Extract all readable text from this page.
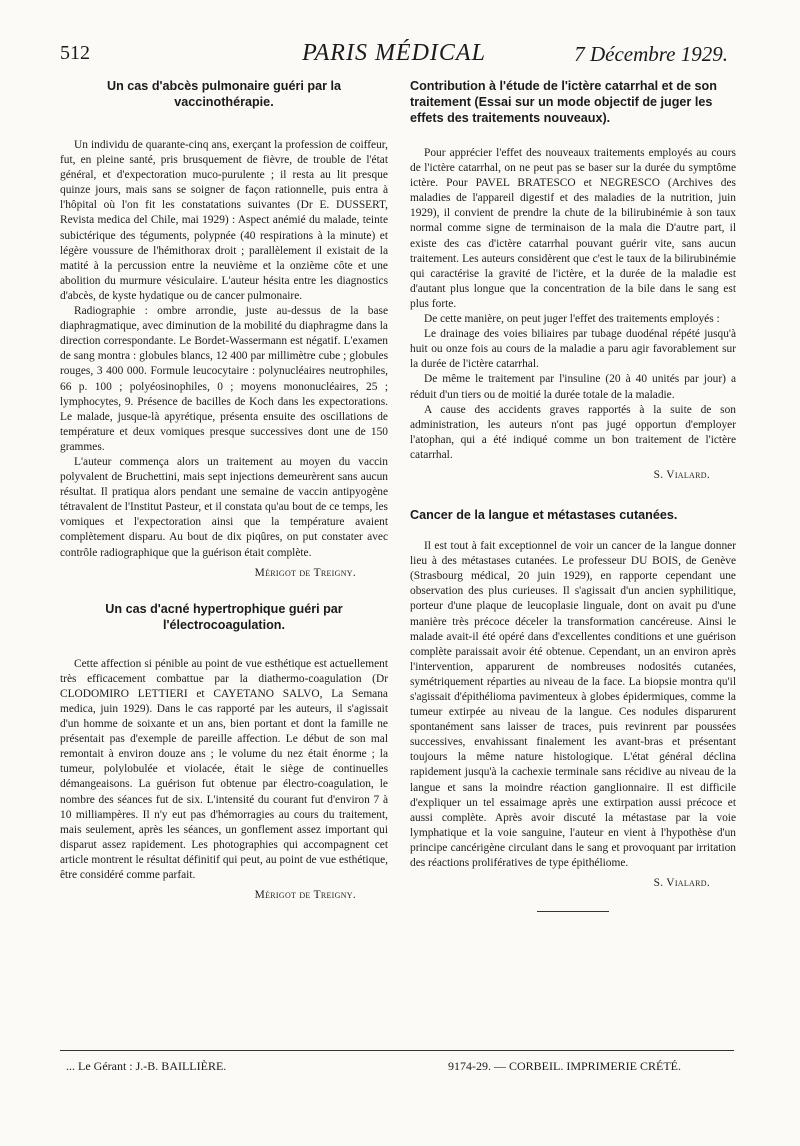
512	PARIS MÉDICAL	7 Décembre 1929.
Un cas d'abcès pulmonaire guéri par la vaccinothérapie.

Un individu de quarante-cinq ans, exerçant la profession de coiffeur, fut, en pleine santé, pris brusquement de fièvre, de trouble de l'état général, et d'expectoration muco-purulente ; il resta au lit presque quinze jours, mais sans se soigner de façon rationnelle, puis entra à l'hôpital où l'on fit les constatations suivantes (Dr E. DUSSERT, Revista medica del Chile, mai 1929) : Aspect anémié du malade, teinte subictérique des téguments, polypnée (40 respirations à la minute) et légère voussure de l'hémithorax droit ; parallèlement il existait de la matité à la percussion entre la neuvième et la onzième côte et une abolition du murmure vésiculaire. L'auteur hésita entre les diagnostics d'abcès, de kyste hydatique ou de cancer pulmonaire.

Radiographie : ombre arrondie, juste au-dessus de la base diaphragmatique, avec diminution de la mobilité du diaphragme dans la direction correspondante. Le Bordet-Wassermann est négatif. L'examen de sang montra : globules blancs, 12 400 par millimètre cube ; globules rouges, 3 400 000. Formule leucocytaire : polynucléaires neutrophiles, 66 p. 100 ; polyéosinophiles, 0 ; moyens mononucléaires, 25 ; lymphocytes, 9. Présence de bacilles de Koch dans les expectorations. Le malade, jusque-là apyrétique, présenta ensuite des oscillations de température et deux vomiques presque successives dont une de 150 grammes.

L'auteur commença alors un traitement au moyen du vaccin polyvalent de Bruchettini, mais sept injections demeurèrent sans aucun résultat. Il pratiqua alors pendant une semaine de vaccin antipyogène tétravalent de l'Institut Pasteur, et il constata qu'au bout de ce temps, les vomiques et l'expectoration ainsi que la température avaient complètement disparu. Au bout de dix piqûres, on put constater avec contrôle radiographique que la guérison était complète.

Mérigot de Treigny.

Un cas d'acné hypertrophique guéri par l'électrocoagulation.

Cette affection si pénible au point de vue esthétique est actuellement très efficacement combattue par la diathermo-coagulation (Dr CLODOMIRO LETTIERI et CAYETANO SALVO, La Semana medica, juin 1929). Dans le cas rapporté par les auteurs, il s'agissait d'un homme de soixante et un ans, bien portant et dont la famille ne présentait pas d'exemple de pareille affection. Le début de son mal remontait à environ douze ans ; le volume du nez était énorme ; la tumeur, polylobulée et violacée, était le siège de continuelles démangeaisons. La guérison fut obtenue par électro-coagulation, le nombre des séances fut de six. L'intensité du courant fut d'environ 7 à 10 milliampères. Il n'y eut pas d'hémorragies au cours du traitement, mais seulement, après les séances, un gonflement assez important qui disparut assez rapidement. Les photographies qui accompagnent cet article montrent le résultat définitif qui peut, au point de vue esthétique, être considéré comme parfait.

Mérigot de Treigny.

Contribution à l'étude de l'ictère catarrhal et de son traitement (Essai sur un mode objectif de juger les effets des traitements nouveaux).

Pour apprécier l'effet des nouveaux traitements employés au cours de l'ictère catarrhal, on ne peut pas se baser sur la durée du symptôme ictère. Pour PAVEL BRATESCO et NEGRESCO (Archives des maladies de l'appareil digestif et des maladies de la nutrition, juin 1929), il convient de prendre la chute de la bilirubinémie à son taux normal comme signe de terminaison de la mala die D'autre part, il existe des cas d'ictère catarrhal pouvant guérir vite, sans aucun traitement. Les auteurs considèrent que c'est le taux de la bilirubinémie qui caractérise la gravité de l'ictère, et la durée de la maladie est d'autant plus longue que la concentration de la bile dans le sang est plus forte.

De cette manière, on peut juger l'effet des traitements employés :

Le drainage des voies biliaires par tubage duodénal répété jusqu'à huit ou onze fois au cours de la maladie a paru agir favorablement sur la durée de l'ictère catarrhal.

De même le traitement par l'insuline (20 à 40 unités par jour) a réduit d'un tiers ou de moitié la durée totale de la maladie.

A cause des accidents graves rapportés à la suite de son administration, les auteurs n'ont pas jugé opportun d'employer l'atophan, qui a été indiqué comme un bon traitement de l'ictère catarrhal.

S. Vialard.

Cancer de la langue et métastases cutanées.

Il est tout à fait exceptionnel de voir un cancer de la langue donner lieu à des métastases cutanées. Le professeur DU BOIS, de Genève (Strasbourg médical, 20 juin 1929), en rapporte cependant une observation des plus curieuses. Il s'agissait d'un ancien syphilitique, porteur d'une plaque de leucoplasie linguale, dont on avait pu d'une manière très précoce déceler la transformation cancéreuse. Ainsi le malade avait-il été opéré dans d'excellentes conditions et une guérison complète paraissait avoir été obtenue. Cependant, un an environ après l'intervention, apparurent de nombreuses nodosités cutanées, symétriquement réparties au niveau de la face. La biopsie montra qu'il s'agissait d'épithélioma pavimenteux à globes épidermiques, comme la tumeur extirpée au niveau de la langue. Ces nodules disparurent spontanément sans laisser de traces, puis revinrent par poussées successives, envahissant finalement les avant-bras et présentant toujours la même nature histologique. L'état général déclina rapidement jusqu'à la cachexie terminale sans récidive au niveau de la langue et sans la moindre réaction ganglionnaire. Il est difficile d'expliquer un tel essaimage après une extirpation aussi précoce et aussi complète. Après avoir discuté la métastase par la voie lymphatique et la voie sanguine, l'auteur en vient à l'hypothèse d'un principe cancérigène circulant dans le sang et provoquant par irritation des réactions prolifératives de type épithéliome.

S. Vialard.

... Le Gérant : J.-B. BAILLIÈRE.	9174-29. — CORBEIL. IMPRIMERIE CRÉTÉ.
